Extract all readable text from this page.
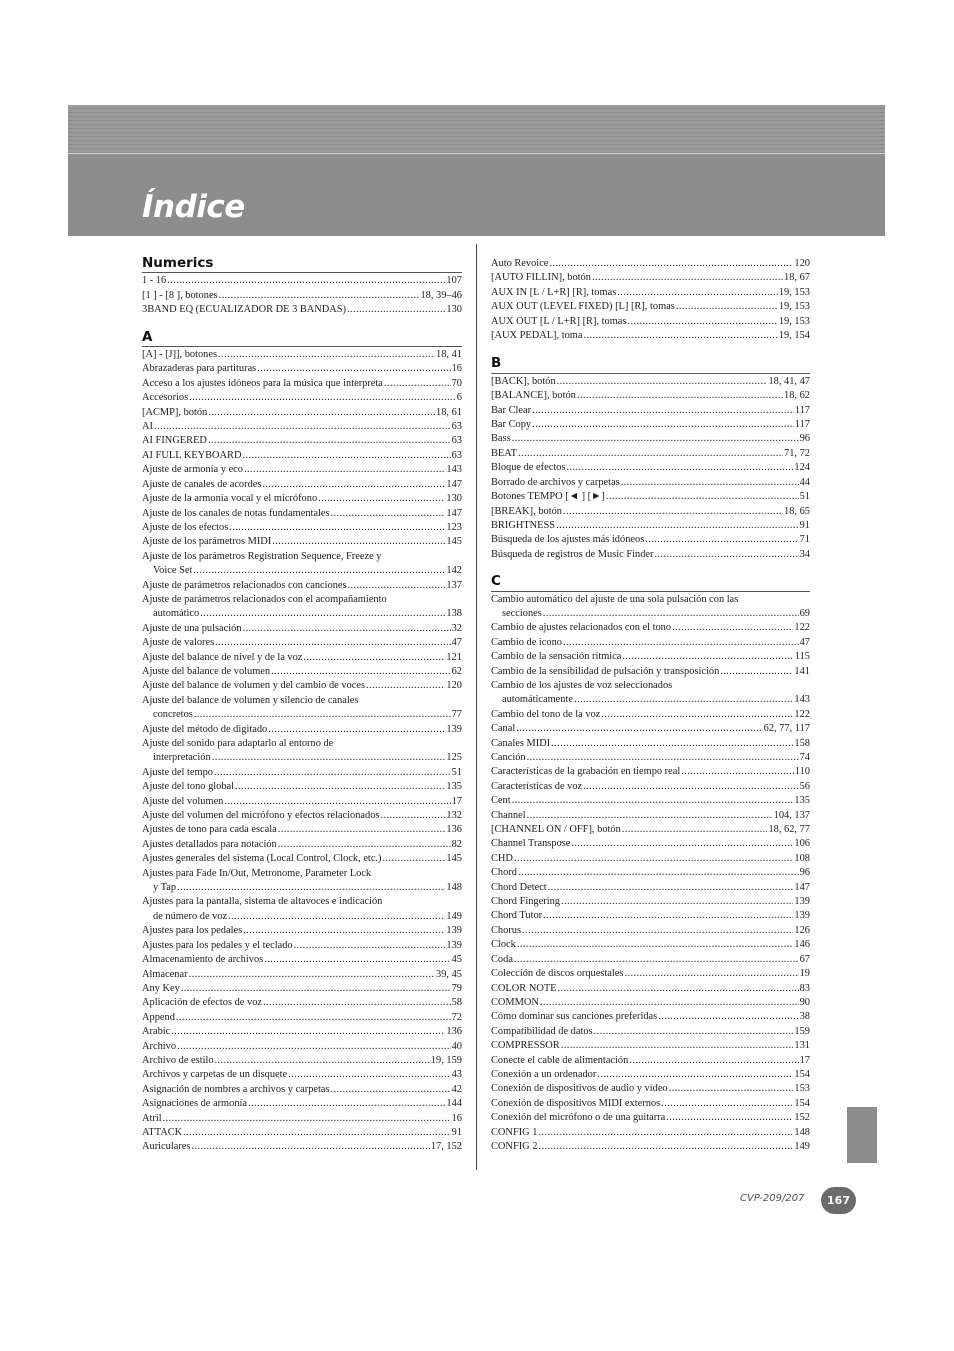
Índice
Numerics
1 - 16 .....	107
[1 ] - [8 ], botones .....	18, 39–46
3BAND EQ (ECUALIZADOR DE 3 BANDAS) .....	130
A
[A] - [J]], botones .....	18, 41
Abrazaderas para partituras .....	16
Acceso a los ajustes idóneos para la música que interpreta .....	70
Accesorios .....	6
[ACMP], botón .....	18, 61
AI .....	63
AI FINGERED .....	63
AI FULL KEYBOARD .....	63
Ajuste de armonía y eco .....	143
Ajuste de canales de acordes .....	147
Ajuste de la armonía vocal y el micrófono .....	130
Ajuste de los canales de notas fundamentales .....	147
Ajuste de los efectos .....	123
Ajuste de los parámetros MIDI .....	145
Ajuste de los parámetros Registration Sequence, Freeze y
Voice Set .....	142
Ajuste de parámetros relacionados con canciones .....	137
Ajuste de parámetros relacionados con el acompañamiento
automático .....	138
Ajuste de una pulsación .....	32
Ajuste de valores .....	47
Ajuste del balance de nivel y de la voz .....	121
Ajuste del balance de volumen .....	62
Ajuste del balance de volumen y del cambio de voces .....	120
Ajuste del balance de volumen y silencio de canales
concretos .....	77
Ajuste del método de digitado .....	139
Ajuste del sonido para adaptarlo al entorno de
interpretación .....	125
Ajuste del tempo .....	51
Ajuste del tono global .....	135
Ajuste del volumen .....	17
Ajuste del volumen del micrófono y efectos relacionados .....	132
Ajustes de tono para cada escala .....	136
Ajustes detallados para notación .....	82
Ajustes generales del sistema (Local Control, Clock, etc.) .....	145
Ajustes para Fade In/Out, Metronome, Parameter Lock
y Tap .....	148
Ajustes para la pantalla, sistema de altavoces e indicación
de número de voz .....	149
Ajustes para los pedales .....	139
Ajustes para los pedales y el teclado .....	139
Almacenamiento de archivos .....	45
Almacenar .....	39, 45
Any Key .....	79
Aplicación de efectos de voz .....	58
Append .....	72
Arabic .....	136
Archivo .....	40
Archivo de estilo .....	19, 159
Archivos y carpetas de un disquete .....	43
Asignación de nombres a archivos y carpetas .....	42
Asignaciones de armonía .....	144
Atril .....	16
ATTACK .....	91
Auriculares .....	17, 152
Auto Revoice .....	120
[AUTO FILLIN], botón .....	18, 67
AUX IN [L / L+R] [R], tomas .....	19, 153
AUX OUT (LEVEL FIXED) [L] [R], tomas .....	19, 153
AUX OUT [L / L+R] [R], tomas .....	19, 153
[AUX PEDAL], toma .....	19, 154
B
[BACK], botón .....	18, 41, 47
[BALANCE], botón .....	18, 62
Bar Clear .....	117
Bar Copy .....	117
Bass .....	96
BEAT .....	71, 72
Bloque de efectos .....	124
Borrado de archivos y carpetas .....	44
Botones TEMPO [◄ ] [►] .....	51
[BREAK], botón .....	18, 65
BRIGHTNESS .....	91
Búsqueda de los ajustes más idóneos .....	71
Búsqueda de registros de Music Finder .....	34
C
Cambio automático del ajuste de una sola pulsación con las
secciones .....	69
Cambio de ajustes relacionados con el tono .....	122
Cambio de icono .....	47
Cambio de la sensación rítmica .....	115
Cambio de la sensibilidad de pulsación y transposición .....	141
Cambio de los ajustes de voz seleccionados
automáticamente .....	143
Cambio del tono de la voz .....	122
Canal .....	62, 77, 117
Canales MIDI .....	158
Canción .....	74
Características de la grabación en tiempo real .....	110
Características de voz .....	56
Cent .....	135
Channel .....	104, 137
[CHANNEL ON / OFF], botón .....	18, 62, 77
Channel Transpose .....	106
CHD .....	108
Chord .....	96
Chord Detect .....	147
Chord Fingering .....	139
Chord Tutor .....	139
Chorus .....	126
Clock .....	146
Coda .....	67
Colección de discos orquestales .....	19
COLOR NOTE .....	83
COMMON .....	90
Cómo dominar sus canciones preferidas .....	38
Compatibilidad de datos .....	159
COMPRESSOR .....	131
Conecte el cable de alimentación .....	17
Conexión a un ordenador .....	154
Conexión de dispositivos de audio y vídeo .....	153
Conexión de dispositivos MIDI externos .....	154
Conexión del micrófono o de una guitarra .....	152
CONFIG 1 .....	148
CONFIG 2 .....	149
CVP-209/207	167
